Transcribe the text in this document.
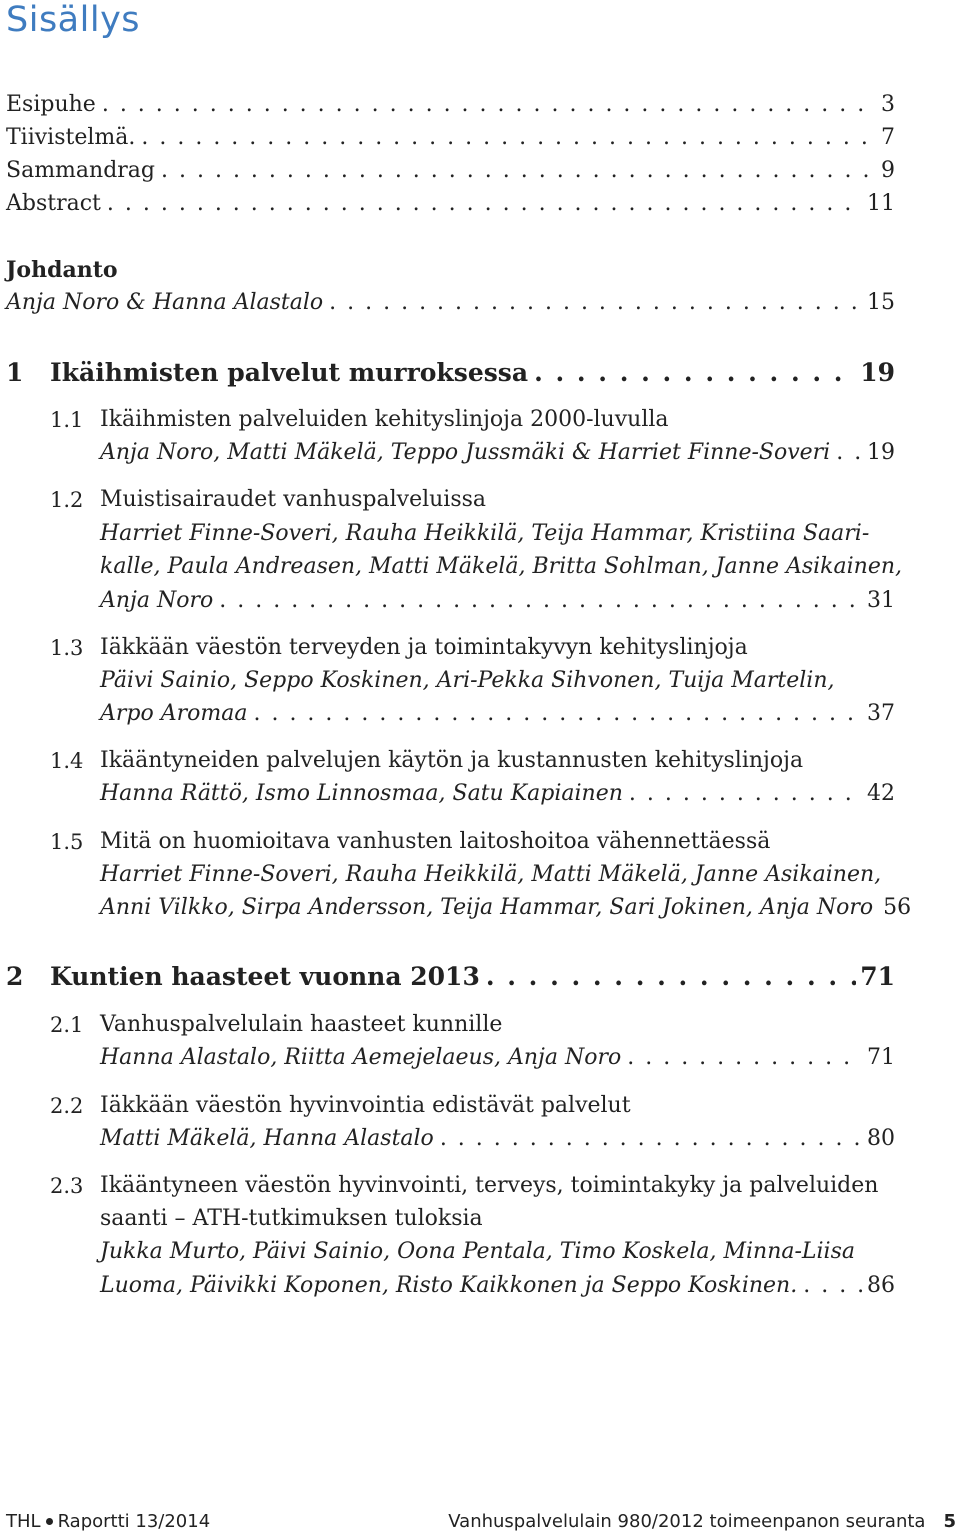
Sisällys
Esipuhe . . .	3
Tiivistelmä. . . .	7
Sammandrag . . .	9
Abstract . . .	11
Johdanto
Anja Noro & Hanna Alastalo . . .	15
1	Ikäihmisten palvelut murroksessa . . .	19
1.1 Ikäihmisten palveluiden kehityslinjoja 2000-luvulla
Anja Noro, Matti Mäkelä, Teppo Jussmäki & Harriet Finne-Soveri . . . 19
1.2 Muistisairaudet vanhuspalveluissa
Harriet Finne-Soveri, Rauha Heikkilä, Teija Hammar, Kristiina Saari-
kalle, Paula Andreasen, Matti Mäkelä, Britta Sohlman, Janne Asikainen,
Anja Noro . . .	31
1.3 Iäkkään väestön terveyden ja toimintakyvyn kehityslinjoja
Päivi Sainio, Seppo Koskinen, Ari-Pekka Sihvonen, Tuija Martelin,
Arpo Aromaa . . .	37
1.4 Ikääntyneiden palvelujen käytön ja kustannusten kehityslinjoja
Hanna Rättö, Ismo Linnosmaa, Satu Kapiainen . . .	42
1.5 Mitä on huomioitava vanhusten laitoshoitoa vähennettäessä
Harriet Finne-Soveri, Rauha Heikkilä, Matti Mäkelä, Janne Asikainen,
Anni Vilkko, Sirpa Andersson, Teija Hammar, Sari Jokinen, Anja Noro 56
2	Kuntien haasteet vuonna 2013 . . .	71
2.1 Vanhuspalvelulain haasteet kunnille
Hanna Alastalo, Riitta Aemejelaeus, Anja Noro . . .	71
2.2 Iäkkään väestön hyvinvointia edistävät palvelut
Matti Mäkelä, Hanna Alastalo . . .	80
2.3 Ikääntyneen väestön hyvinvointi, terveys, toimintakyky ja palveluiden
saanti – ATH-tutkimuksen tuloksia
Jukka Murto, Päivi Sainio, Oona Pentala, Timo Koskela, Minna-Liisa
Luoma, Päivikki Koponen, Risto Kaikkonen ja Seppo Koskinen. . . .	86
THL Raportti 13/2014	Vanhuspalvelulain 980/2012 toimeenpanon seuranta 5
